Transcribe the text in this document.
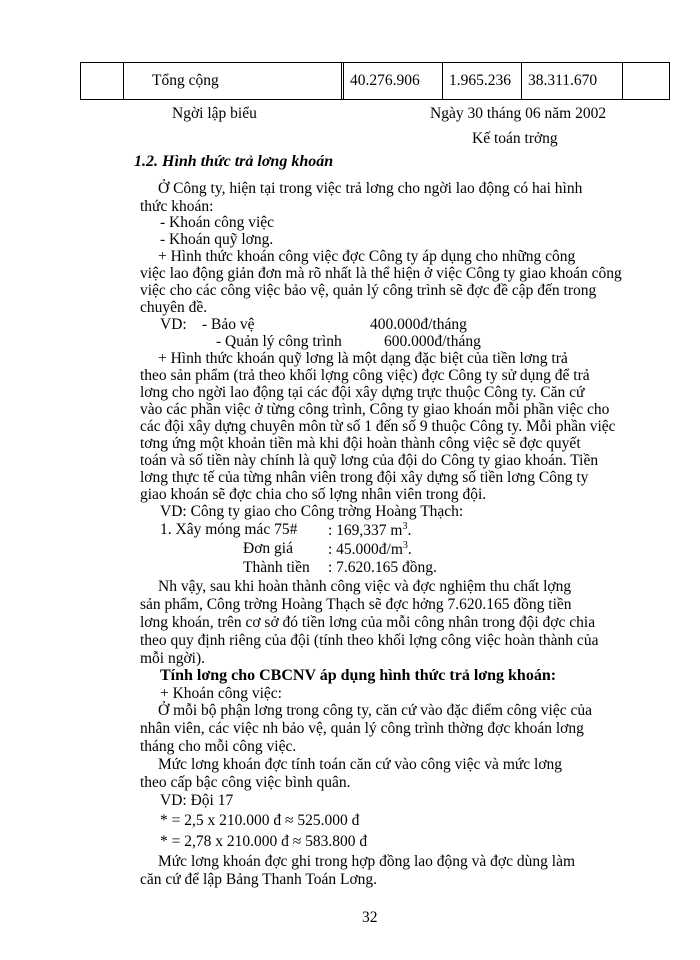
	Tổng cộng		40.276.906	1.965.236	38.311.670	
Ngời lập biểu	Ngày 30 tháng 06 năm 2002
Kế toán trởng
1.2. Hình thức trả lơng khoán
Ở Công ty, hiện tại trong việc trả lơng cho ngời lao động có hai hình
thức khoán:
- Khoán công việc
- Khoán quỹ lơng.
+ Hình thức khoán công việc đợc Công ty áp dụng cho những công
việc lao động giản đơn mà rõ nhất là thể hiện ở việc Công ty giao khoán công
việc cho các công việc bảo vệ, quản lý công trình sẽ đợc đề cập đến trong
chuyên đề.
VD: - Bảo vệ	400.000đ/tháng
- Quản lý công trình	600.000đ/tháng
+ Hình thức khoán quỹ lơng là một dạng đặc biệt của tiền lơng trả
theo sản phẩm (trả theo khối lợng công việc) đợc Công ty sử dụng để trả
lơng cho ngời lao động tại các đội xây dựng trực thuộc Công ty. Căn cứ
vào các phần việc ở từng công trình, Công ty giao khoán mỗi phần việc cho
các đội xây dựng chuyên môn từ số 1 đến số 9 thuộc Công ty. Mỗi phần việc
tơng ứng một khoản tiền mà khi đội hoàn thành công việc sẽ đợc quyết
toán và số tiền này chính là quỹ lơng của đội do Công ty giao khoán. Tiền
lơng thực tế của từng nhân viên trong đội xây dựng số tiền lơng Công ty
giao khoán sẽ đợc chia cho số lợng nhân viên trong đội.
VD: Công ty giao cho Công trờng Hoàng Thạch:
1. Xây móng mác 75# : 169,337 $m^3$.
Đơn giá : $45.000đ/m^3$.
Thành tiền : 7.620.165 đồng.
Nh vậy, sau khi hoàn thành công việc và đợc nghiệm thu chất lợng
sản phẩm, Công trờng Hoàng Thạch sẽ đợc hởng 7.620.165 đồng tiền
lơng khoán, trên cơ sở đó tiền lơng của mỗi công nhân trong đội đợc chia
theo quy định riêng của đội (tính theo khối lợng công việc hoàn thành của
mỗi ngời).
Tính lơng cho CBCNV áp dụng hình thức trả lơng khoán:
+ Khoán công việc:
Ở mỗi bộ phận lơng trong công ty, căn cứ vào đặc điểm công việc của
nhân viên, các việc nh bảo vệ, quản lý công trình thờng đợc khoán lơng
tháng cho mỗi công việc.
Mức lơng khoán đợc tính toán căn cứ vào công việc và mức lơng
theo cấp bậc công việc bình quân.
VD: Đội 17
* = 2,5 x 210.000 đ ≈ 525.000 đ
* = 2,78 x 210.000 đ ≈ 583.800 đ
Mức lơng khoán đợc ghi trong hợp đồng lao động và đợc dùng làm
căn cứ để lập Bảng Thanh Toán Lơng.
32
